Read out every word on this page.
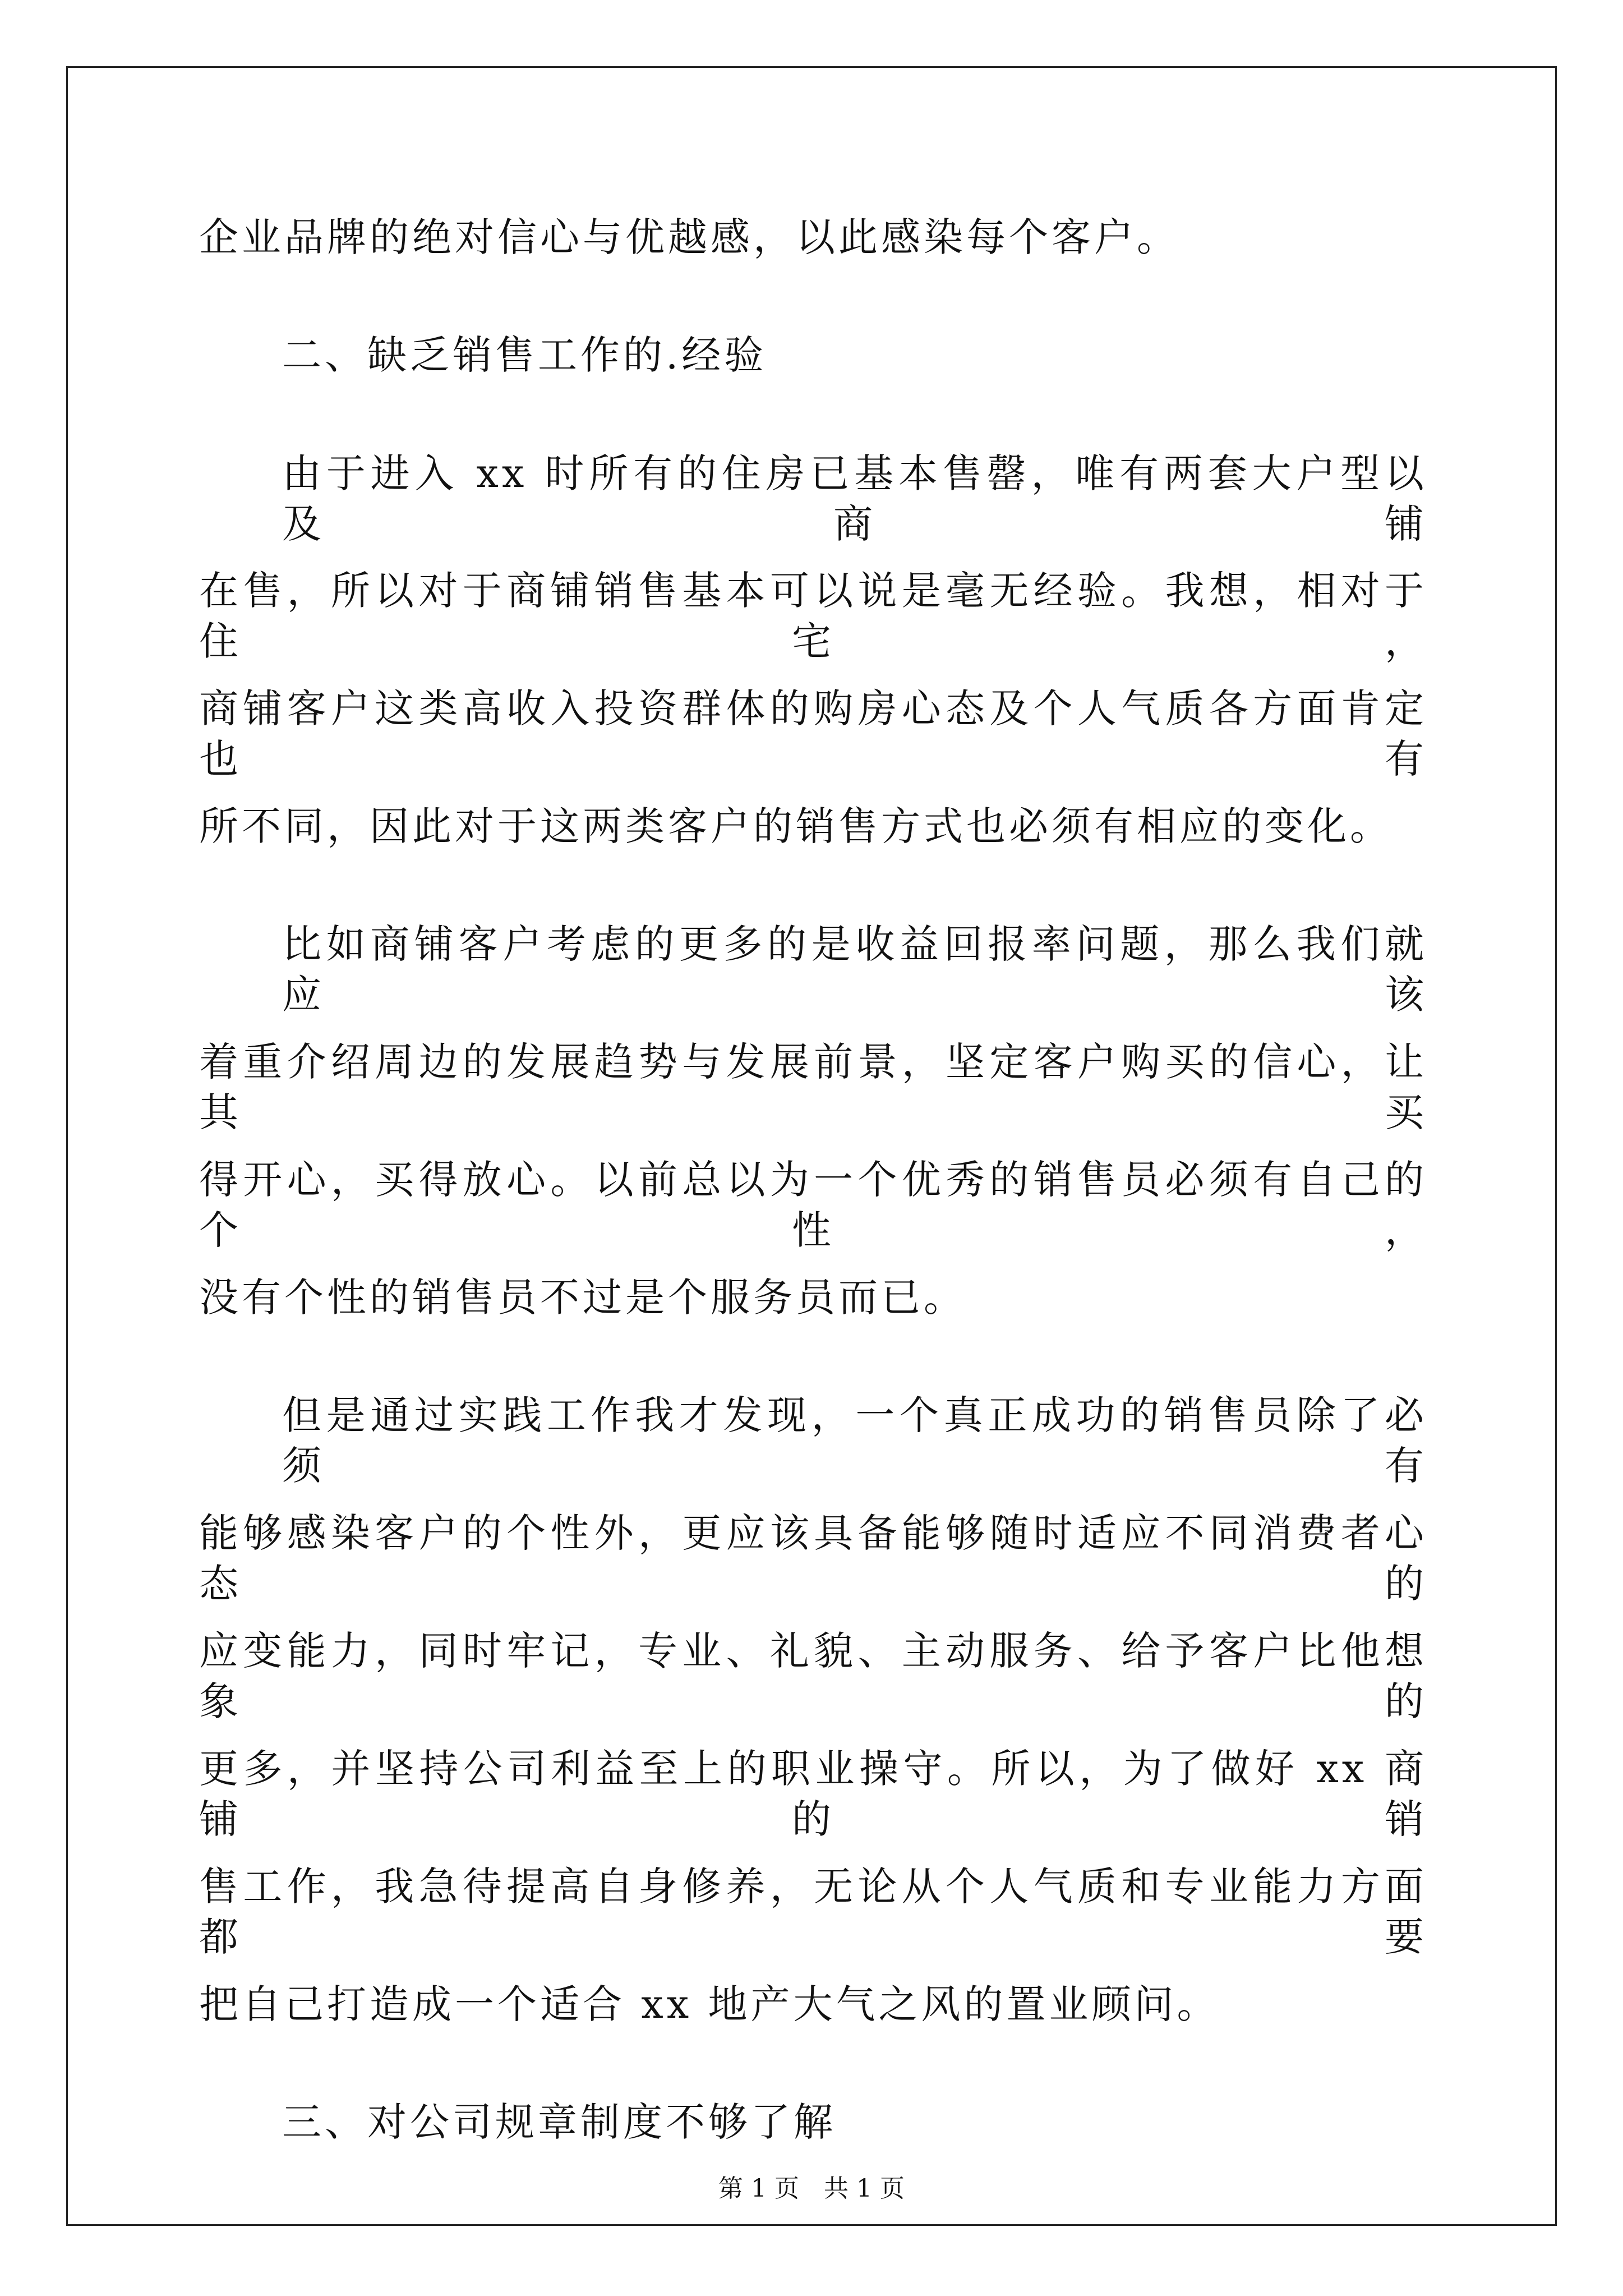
企业品牌的绝对信心与优越感，以此感染每个客户。
二、缺乏销售工作的.经验
由于进入 xx 时所有的住房已基本售罄，唯有两套大户型以及商铺
在售，所以对于商铺销售基本可以说是毫无经验。我想，相对于住宅，
商铺客户这类高收入投资群体的购房心态及个人气质各方面肯定也有
所不同，因此对于这两类客户的销售方式也必须有相应的变化。
比如商铺客户考虑的更多的是收益回报率问题，那么我们就应该
着重介绍周边的发展趋势与发展前景，坚定客户购买的信心，让其买
得开心，买得放心。以前总以为一个优秀的销售员必须有自己的个性，
没有个性的销售员不过是个服务员而已。
但是通过实践工作我才发现，一个真正成功的销售员除了必须有
能够感染客户的个性外，更应该具备能够随时适应不同消费者心态的
应变能力，同时牢记，专业、礼貌、主动服务、给予客户比他想象的
更多，并坚持公司利益至上的职业操守。所以，为了做好 xx 商铺的销
售工作，我急待提高自身修养，无论从个人气质和专业能力方面都要
把自己打造成一个适合 xx 地产大气之风的置业顾问。
三、对公司规章制度不够了解
第 1 页　共 1 页
